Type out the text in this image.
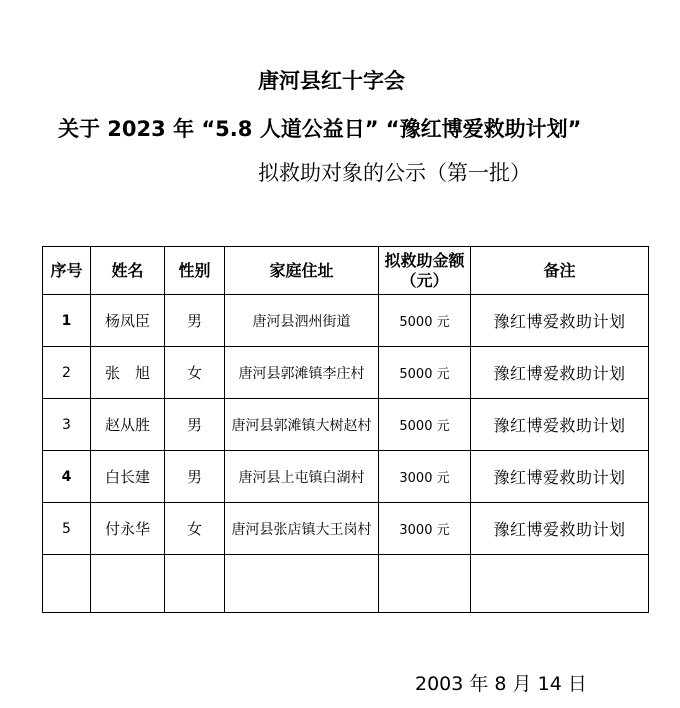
唐河县红十字会
关于 2023 年 “5.8 人道公益日” “豫红博爱救助计划”
拟救助对象的公示（第一批）
序号	姓名	性别	家庭住址	拟救助金额（元）	备注
1	杨凤臣	男	唐河县泗州街道	5000 元	豫红博爱救助计划
2	张　旭	女	唐河县郭滩镇李庄村	5000 元	豫红博爱救助计划
3	赵从胜	男	唐河县郭滩镇大树赵村	5000 元	豫红博爱救助计划
4	白长建	男	唐河县上屯镇白湖村	3000 元	豫红博爱救助计划
5	付永华	女	唐河县张店镇大王岗村	3000 元	豫红博爱救助计划

2003 年 8 月 14 日
